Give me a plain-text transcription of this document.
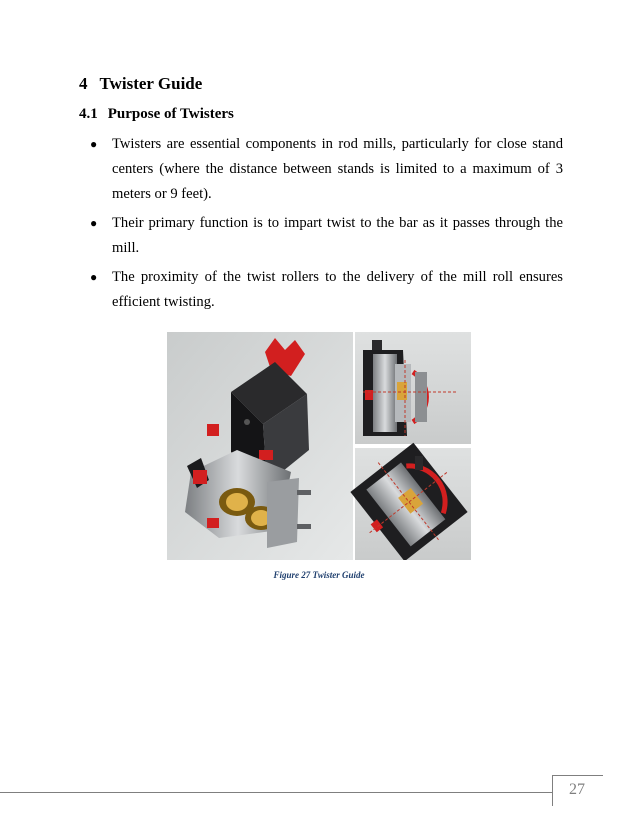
4 Twister Guide
4.1 Purpose of Twisters
● Twisters are essential components in rod mills, particularly for close stand centers (where the distance between stands is limited to a maximum of 3 meters or 9 feet).
● Their primary function is to impart twist to the bar as it passes through the mill.
● The proximity of the twist rollers to the delivery of the mill roll ensures efficient twisting.
Figure 27 Twister Guide
27
